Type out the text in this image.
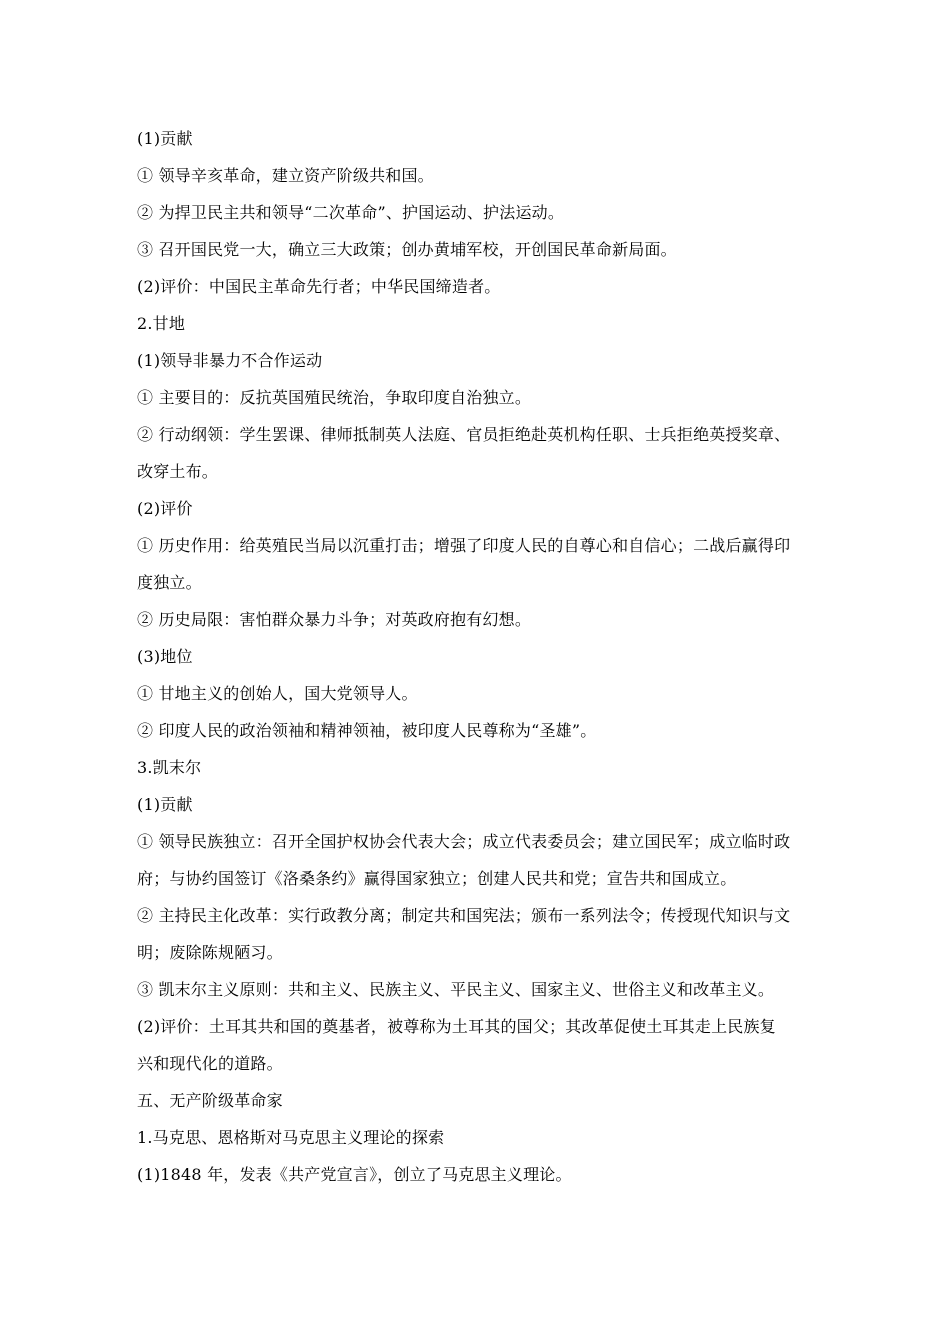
(1)贡献
① 领导辛亥革命，建立资产阶级共和国。
② 为捍卫民主共和领导“二次革命”、护国运动、护法运动。
③ 召开国民党一大，确立三大政策；创办黄埔军校，开创国民革命新局面。
(2)评价：中国民主革命先行者；中华民国缔造者。
2.甘地
(1)领导非暴力不合作运动
① 主要目的：反抗英国殖民统治，争取印度自治独立。
② 行动纲领：学生罢课、律师抵制英人法庭、官员拒绝赴英机构任职、士兵拒绝英授奖章、
改穿土布。
(2)评价
① 历史作用：给英殖民当局以沉重打击；增强了印度人民的自尊心和自信心；二战后赢得印
度独立。
② 历史局限：害怕群众暴力斗争；对英政府抱有幻想。
(3)地位
① 甘地主义的创始人，国大党领导人。
② 印度人民的政治领袖和精神领袖，被印度人民尊称为“圣雄”。
3.凯末尔
(1)贡献
① 领导民族独立：召开全国护权协会代表大会；成立代表委员会；建立国民军；成立临时政
府；与协约国签订《洛桑条约》赢得国家独立；创建人民共和党；宣告共和国成立。
② 主持民主化改革：实行政教分离；制定共和国宪法；颁布一系列法令；传授现代知识与文
明；废除陈规陋习。
③ 凯末尔主义原则：共和主义、民族主义、平民主义、国家主义、世俗主义和改革主义。
(2)评价：土耳其共和国的奠基者，被尊称为土耳其的国父；其改革促使土耳其走上民族复
兴和现代化的道路。
五、无产阶级革命家
1.马克思、恩格斯对马克思主义理论的探索
(1)1848 年，发表《共产党宣言》，创立了马克思主义理论。
